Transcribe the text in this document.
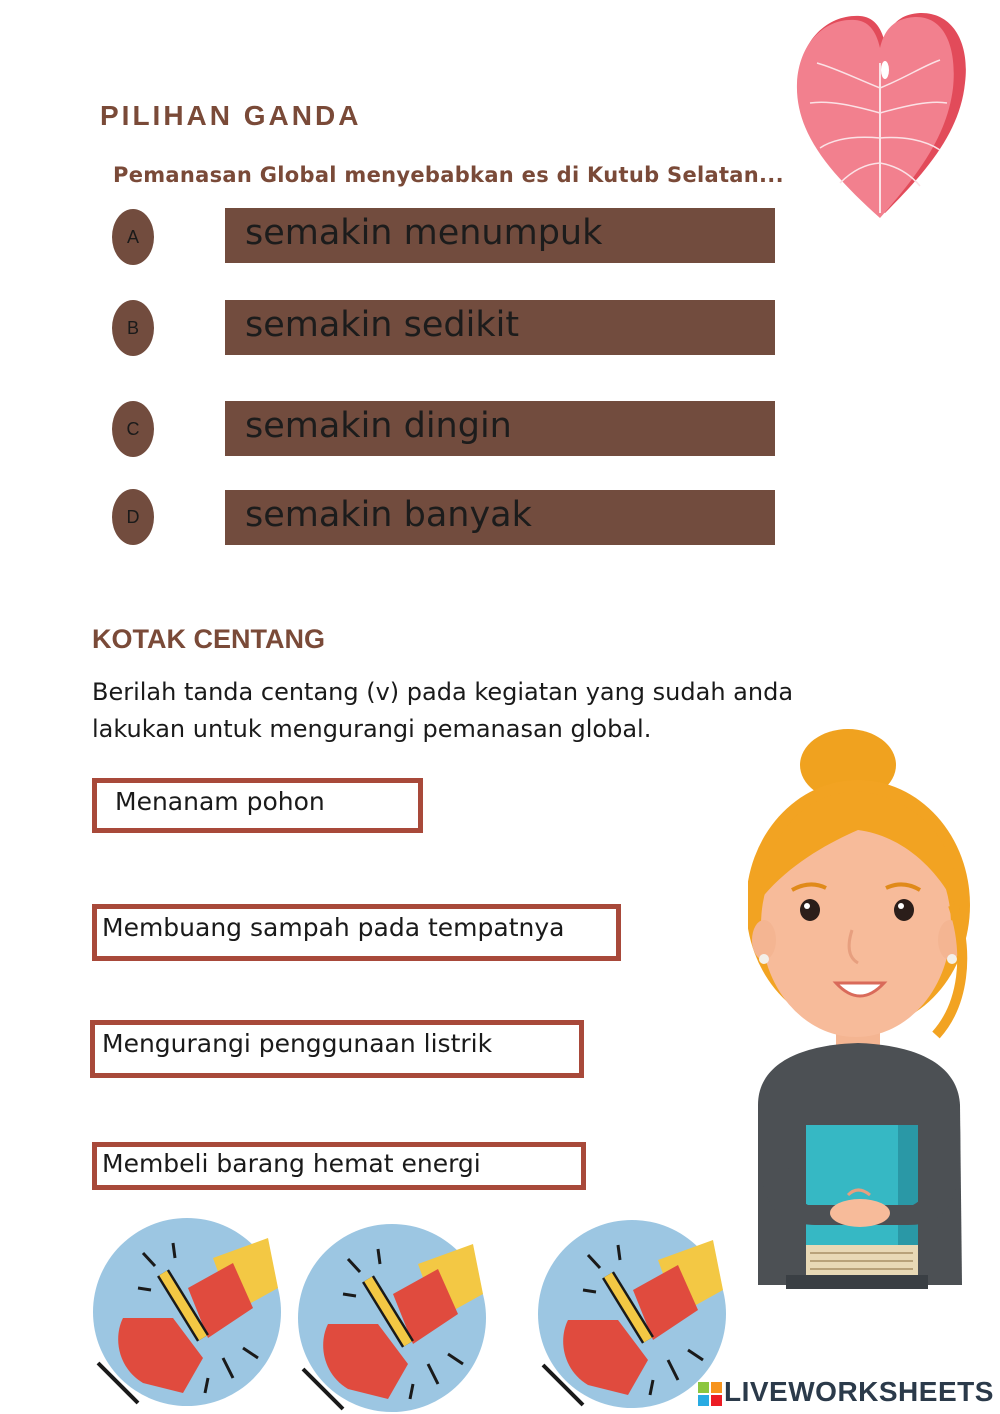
PILIHAN GANDA
Pemanasan Global menyebabkan es di Kutub Selatan...
A	semakin menumpuk
B	semakin sedikit
C	semakin dingin
D	semakin banyak
KOTAK CENTANG
Berilah tanda centang (v) pada kegiatan yang sudah anda lakukan untuk mengurangi pemanasan global.
Menanam pohon
Membuang sampah pada tempatnya
Mengurangi penggunaan listrik
Membeli barang hemat energi
LIVEWORKSHEETS
